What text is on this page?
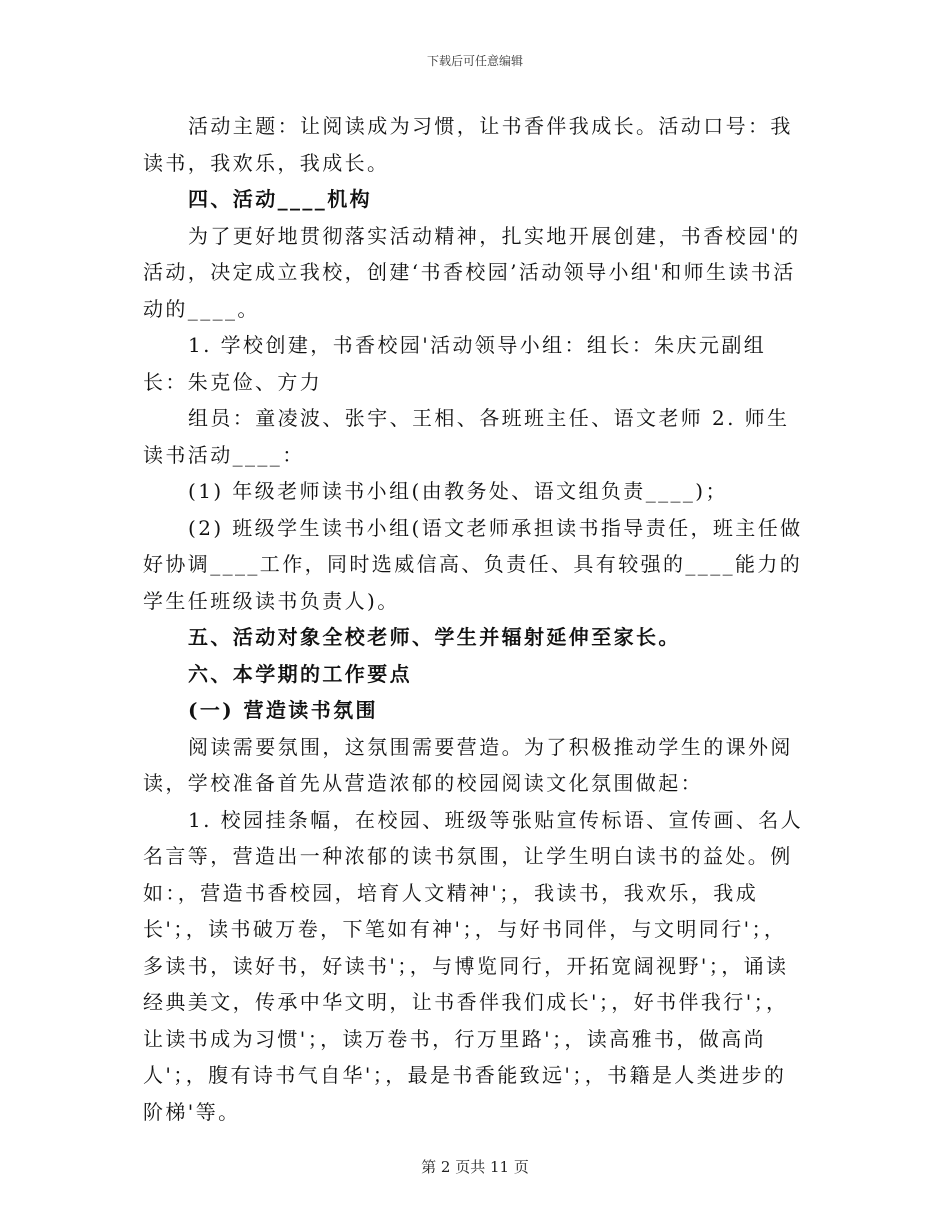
下载后可任意编辑

活动主题：让阅读成为习惯，让书香伴我成长。活动口号：我读书，我欢乐，我成长。

四、活动____机构

为了更好地贯彻落实活动精神，扎实地开展创建，书香校园'的活动，决定成立我校，创建‘书香校园’活动领导小组'和师生读书活动的____。

1. 学校创建，书香校园'活动领导小组：组长：朱庆元副组长：朱克俭、方力

组员：童凌波、张宇、王相、各班班主任、语文老师 2. 师生读书活动____：

(1) 年级老师读书小组(由教务处、语文组负责____)；

(2) 班级学生读书小组(语文老师承担读书指导责任，班主任做好协调____工作，同时选威信高、负责任、具有较强的____能力的学生任班级读书负责人)。

五、活动对象全校老师、学生并辐射延伸至家长。

六、本学期的工作要点

(一) 营造读书氛围

阅读需要氛围，这氛围需要营造。为了积极推动学生的课外阅读，学校准备首先从营造浓郁的校园阅读文化氛围做起：

1. 校园挂条幅，在校园、班级等张贴宣传标语、宣传画、名人名言等，营造出一种浓郁的读书氛围，让学生明白读书的益处。例如：，营造书香校园，培育人文精神'；，我读书，我欢乐，我成长'；，读书破万卷，下笔如有神'；，与好书同伴，与文明同行'；，多读书，读好书，好读书'；，与博览同行，开拓宽阔视野'；，诵读经典美文，传承中华文明，让书香伴我们成长'；，好书伴我行'；，让读书成为习惯'；，读万卷书，行万里路'；，读高雅书，做高尚人'；，腹有诗书气自华'；，最是书香能致远'；，书籍是人类进步的阶梯'等。

第 2 页共 11 页
